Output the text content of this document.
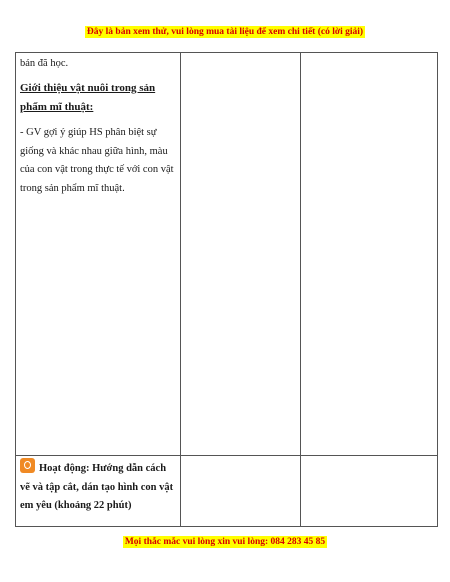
Đây là bản xem thử, vui lòng mua tài liệu để xem chi tiết (có lời giải)

bán đã học.

Giới thiệu vật nuôi trong sản phẩm mĩ thuật:

- GV gợi ý giúp HS phân biệt sự giống và khác nhau giữa hình, màu của con vật trong thực tế với con vật trong sản phẩm mĩ thuật.		

Hoạt động: Hướng dẫn cách vẽ và tập cắt, dán tạo hình con vật em yêu (khoảng 22 phút)		

Mọi thắc mắc vui lòng xin vui lòng: 084 283 45 85
